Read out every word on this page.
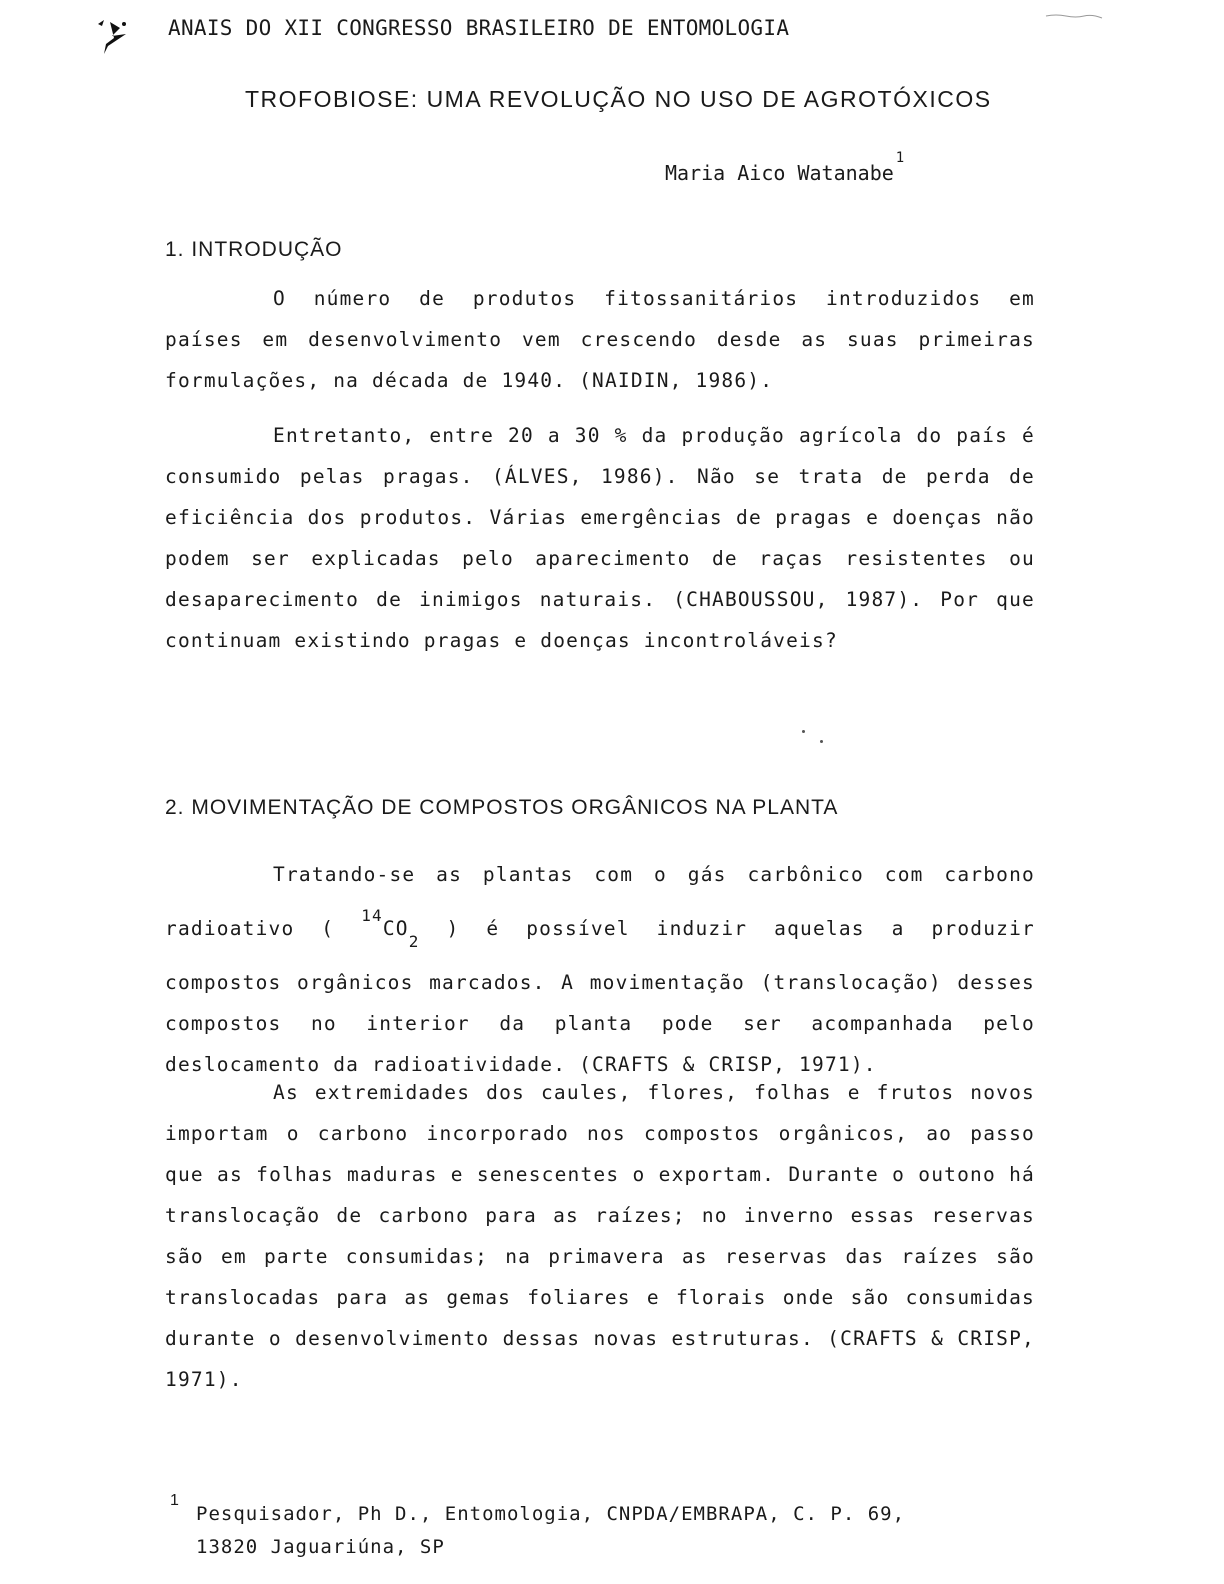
ANAIS DO XII CONGRESSO BRASILEIRO DE ENTOMOLOGIA
TROFOBIOSE: UMA REVOLUÇÃO NO USO DE AGROTÓXICOS
Maria Aico Watanabe$^1$
1. INTRODUÇÃO

O número de produtos fitossanitários introduzidos em países em desenvolvimento vem crescendo desde as suas primeiras formulações, na década de 1940. (NAIDIN, 1986).

Entretanto, entre 20 a 30 % da produção agrícola do país é consumido pelas pragas. (ÁLVES, 1986). Não se trata de perda de eficiência dos produtos. Várias emergências de pragas e doenças não podem ser explicadas pelo aparecimento de raças resistentes ou desaparecimento de inimigos naturais. (CHABOUSSOU, 1987). Por que continuam existindo pragas e doenças incontroláveis?

2. MOVIMENTAÇÃO DE COMPOSTOS ORGÂNICOS NA PLANTA

Tratando-se as plantas com o gás carbônico com carbono radioativo ( $^{14}CO_2$ ) é possível induzir aquelas a produzir compostos orgânicos marcados. A movimentação (translocação) desses compostos no interior da planta pode ser acompanhada pelo deslocamento da radioatividade. (CRAFTS & CRISP, 1971).

As extremidades dos caules, flores, folhas e frutos novos importam o carbono incorporado nos compostos orgânicos, ao passo que as folhas maduras e senescentes o exportam. Durante o outono há translocação de carbono para as raízes; no inverno essas reservas são em parte consumidas; na primavera as reservas das raízes são translocadas para as gemas foliares e florais onde são consumidas durante o desenvolvimento dessas novas estruturas. (CRAFTS & CRISP, 1971).

1
Pesquisador, Ph D., Entomologia, CNPDA/EMBRAPA, C. P. 69,
13820 Jaguariúna, SP
